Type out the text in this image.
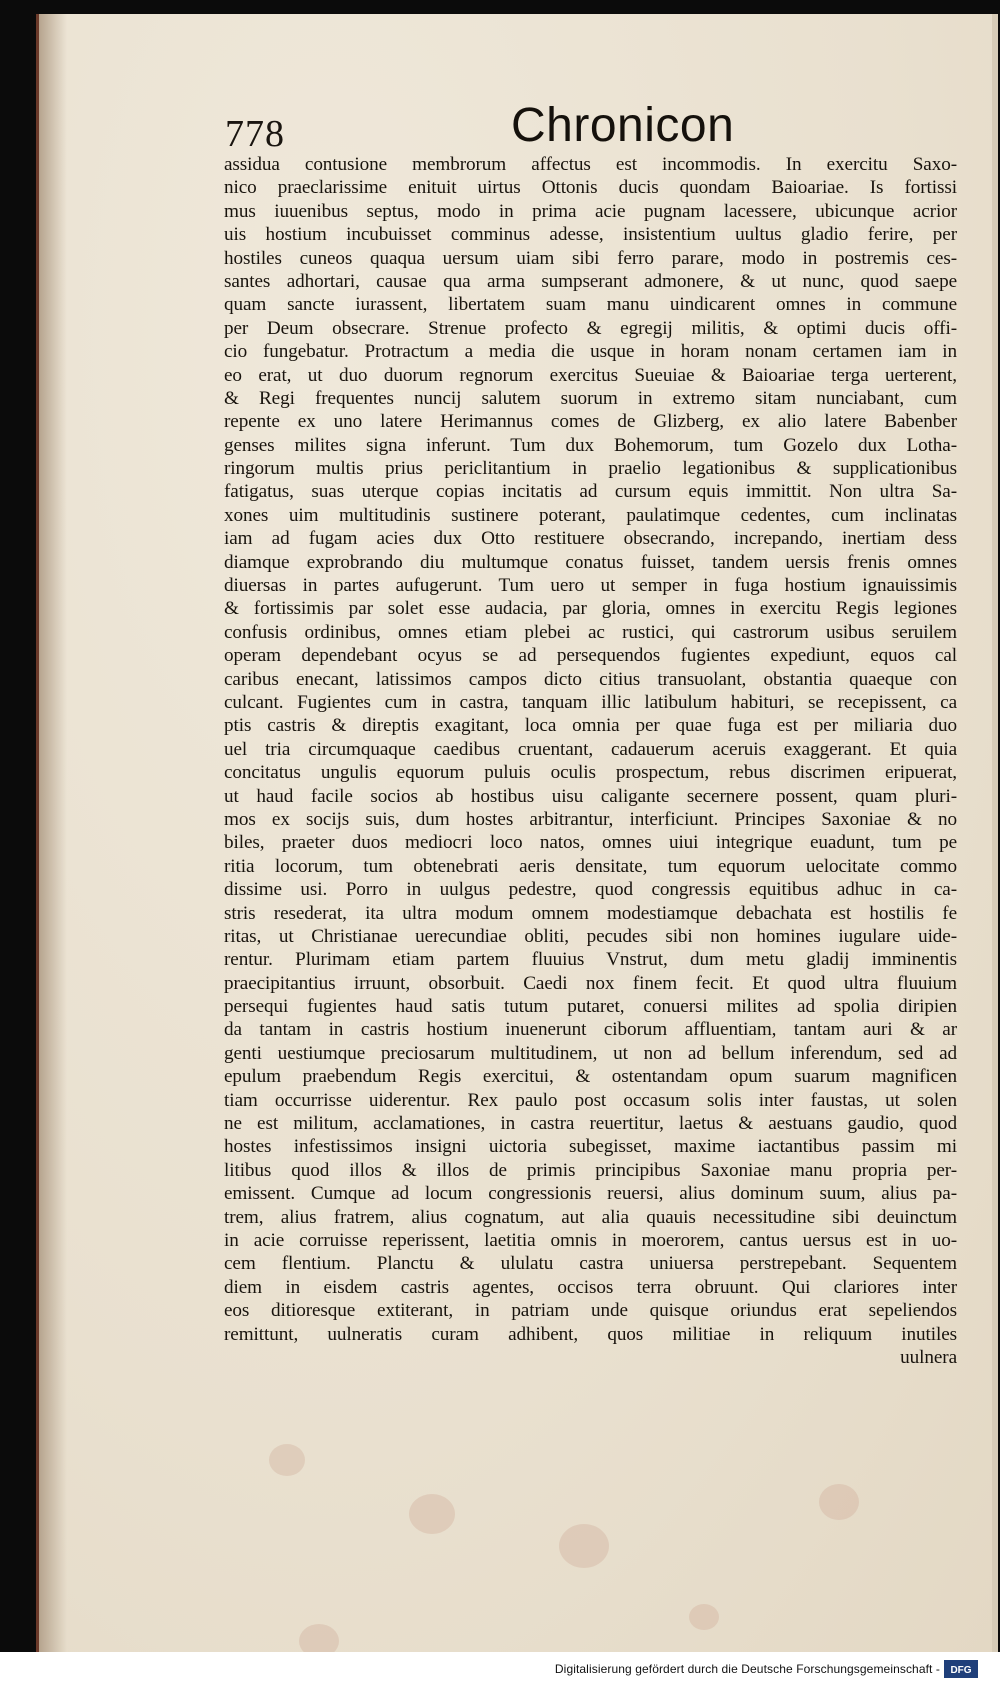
778	Chronicon
assidua contusione membrorum affectus est incommodis. In exercitu Saxo-
nico praeclarissime enituit uirtus Ottonis ducis quondam Baioariae. Is fortissi
mus iuuenibus septus, modo in prima acie pugnam lacessere, ubicunque acrior
uis hostium incubuisset comminus adesse, insistentium uultus gladio ferire, per
hostiles cuneos quaqua uersum uiam sibi ferro parare, modo in postremis ces-
santes adhortari, causae qua arma sumpserant admonere, & ut nunc, quod saepe
quam sancte iurassent, libertatem suam manu uindicarent omnes in commune
per Deum obsecrare. Strenue profecto & egregij militis, & optimi ducis offi-
cio fungebatur. Protractum a media die usque in horam nonam certamen iam in
eo erat, ut duo duorum regnorum exercitus Sueuiae & Baioariae terga uerterent,
& Regi frequentes nuncij salutem suorum in extremo sitam nunciabant, cum
repente ex uno latere Herimannus comes de Glizberg, ex alio latere Babenber
genses milites signa inferunt. Tum dux Bohemorum, tum Gozelo dux Lotha-
ringorum multis prius periclitantium in praelio legationibus & supplicationibus
fatigatus, suas uterque copias incitatis ad cursum equis immittit. Non ultra Sa-
xones uim multitudinis sustinere poterant, paulatimque cedentes, cum inclinatas
iam ad fugam acies dux Otto restituere obsecrando, increpando, inertiam dess
diamque exprobrando diu multumque conatus fuisset, tandem uersis frenis omnes
diuersas in partes aufugerunt. Tum uero ut semper in fuga hostium ignauissimis
& fortissimis par solet esse audacia, par gloria, omnes in exercitu Regis legiones
confusis ordinibus, omnes etiam plebei ac rustici, qui castrorum usibus seruilem
operam dependebant ocyus se ad persequendos fugientes expediunt, equos cal
caribus enecant, latissimos campos dicto citius transuolant, obstantia quaeque con
culcant. Fugientes cum in castra, tanquam illic latibulum habituri, se recepissent, ca
ptis castris & direptis exagitant, loca omnia per quae fuga est per miliaria duo
uel tria circumquaque caedibus cruentant, cadauerum aceruis exaggerant. Et quia
concitatus ungulis equorum puluis oculis prospectum, rebus discrimen eripuerat,
ut haud facile socios ab hostibus uisu caligante secernere possent, quam pluri-
mos ex socijs suis, dum hostes arbitrantur, interficiunt. Principes Saxoniae & no
biles, praeter duos mediocri loco natos, omnes uiui integrique euadunt, tum pe
ritia locorum, tum obtenebrati aeris densitate, tum equorum uelocitate commo
dissime usi. Porro in uulgus pedestre, quod congressis equitibus adhuc in ca-
stris resederat, ita ultra modum omnem modestiamque debachata est hostilis fe
ritas, ut Christianae uerecundiae obliti, pecudes sibi non homines iugulare uide-
rentur. Plurimam etiam partem fluuius Vnstrut, dum metu gladij imminentis
praecipitantius irruunt, obsorbuit. Caedi nox finem fecit. Et quod ultra fluuium
persequi fugientes haud satis tutum putaret, conuersi milites ad spolia diripien
da tantam in castris hostium inuenerunt ciborum affluentiam, tantam auri & ar
genti uestiumque preciosarum multitudinem, ut non ad bellum inferendum, sed ad
epulum praebendum Regis exercitui, & ostentandam opum suarum magnificen
tiam occurrisse uiderentur. Rex paulo post occasum solis inter faustas, ut solen
ne est militum, acclamationes, in castra reuertitur, laetus & aestuans gaudio, quod
hostes infestissimos insigni uictoria subegisset, maxime iactantibus passim mi
litibus quod illos & illos de primis principibus Saxoniae manu propria per-
emissent. Cumque ad locum congressionis reuersi, alius dominum suum, alius pa-
trem, alius fratrem, alius cognatum, aut alia quauis necessitudine sibi deuinctum
in acie corruisse reperissent, laetitia omnis in moerorem, cantus uersus est in uo-
cem flentium. Planctu & ululatu castra uniuersa perstrepebant. Sequentem
diem in eisdem castris agentes, occisos terra obruunt. Qui clariores inter
eos ditioresque extiterant, in patriam unde quisque oriundus erat sepeliendos
remittunt, uulneratis curam adhibent, quos militiae in reliquum inutiles
uulnera
Digitalisierung gefördert durch die Deutsche Forschungsgemeinschaft - DFG
